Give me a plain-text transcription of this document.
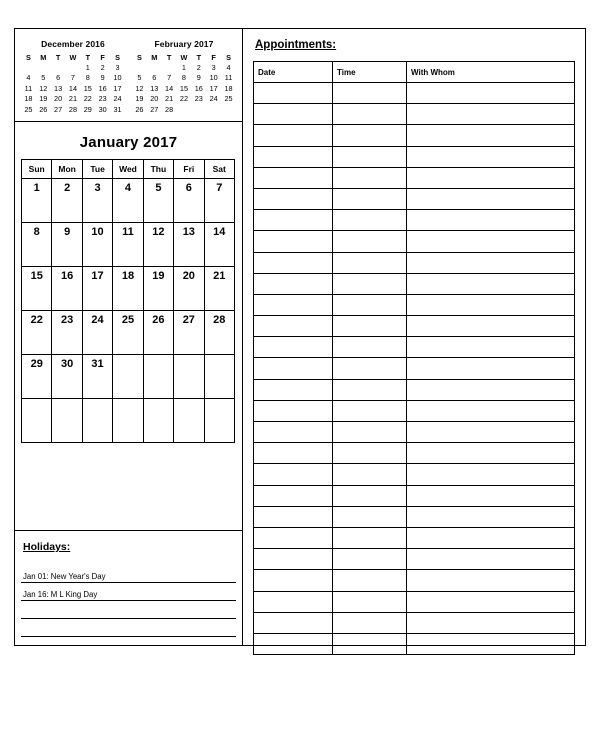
December 2016
S	M	T	W	T	F	S
				1	2	3
4	5	6	7	8	9	10
11	12	13	14	15	16	17
18	19	20	21	22	23	24
25	26	27	28	29	30	31
February 2017
S	M	T	W	T	F	S
			1	2	3	4
5	6	7	8	9	10	11
12	13	14	15	16	17	18
19	20	21	22	23	24	25
26	27	28				
January 2017
Sun	Mon	Tue	Wed	Thu	Fri	Sat
1	2	3	4	5	6	7
8	9	10	11	12	13	14
15	16	17	18	19	20	21
22	23	24	25	26	27	28
29	30	31				

Holidays:
Jan 01: New Year's Day
Jan 16: M L King Day
Appointments:
Date	Time	With Whom
